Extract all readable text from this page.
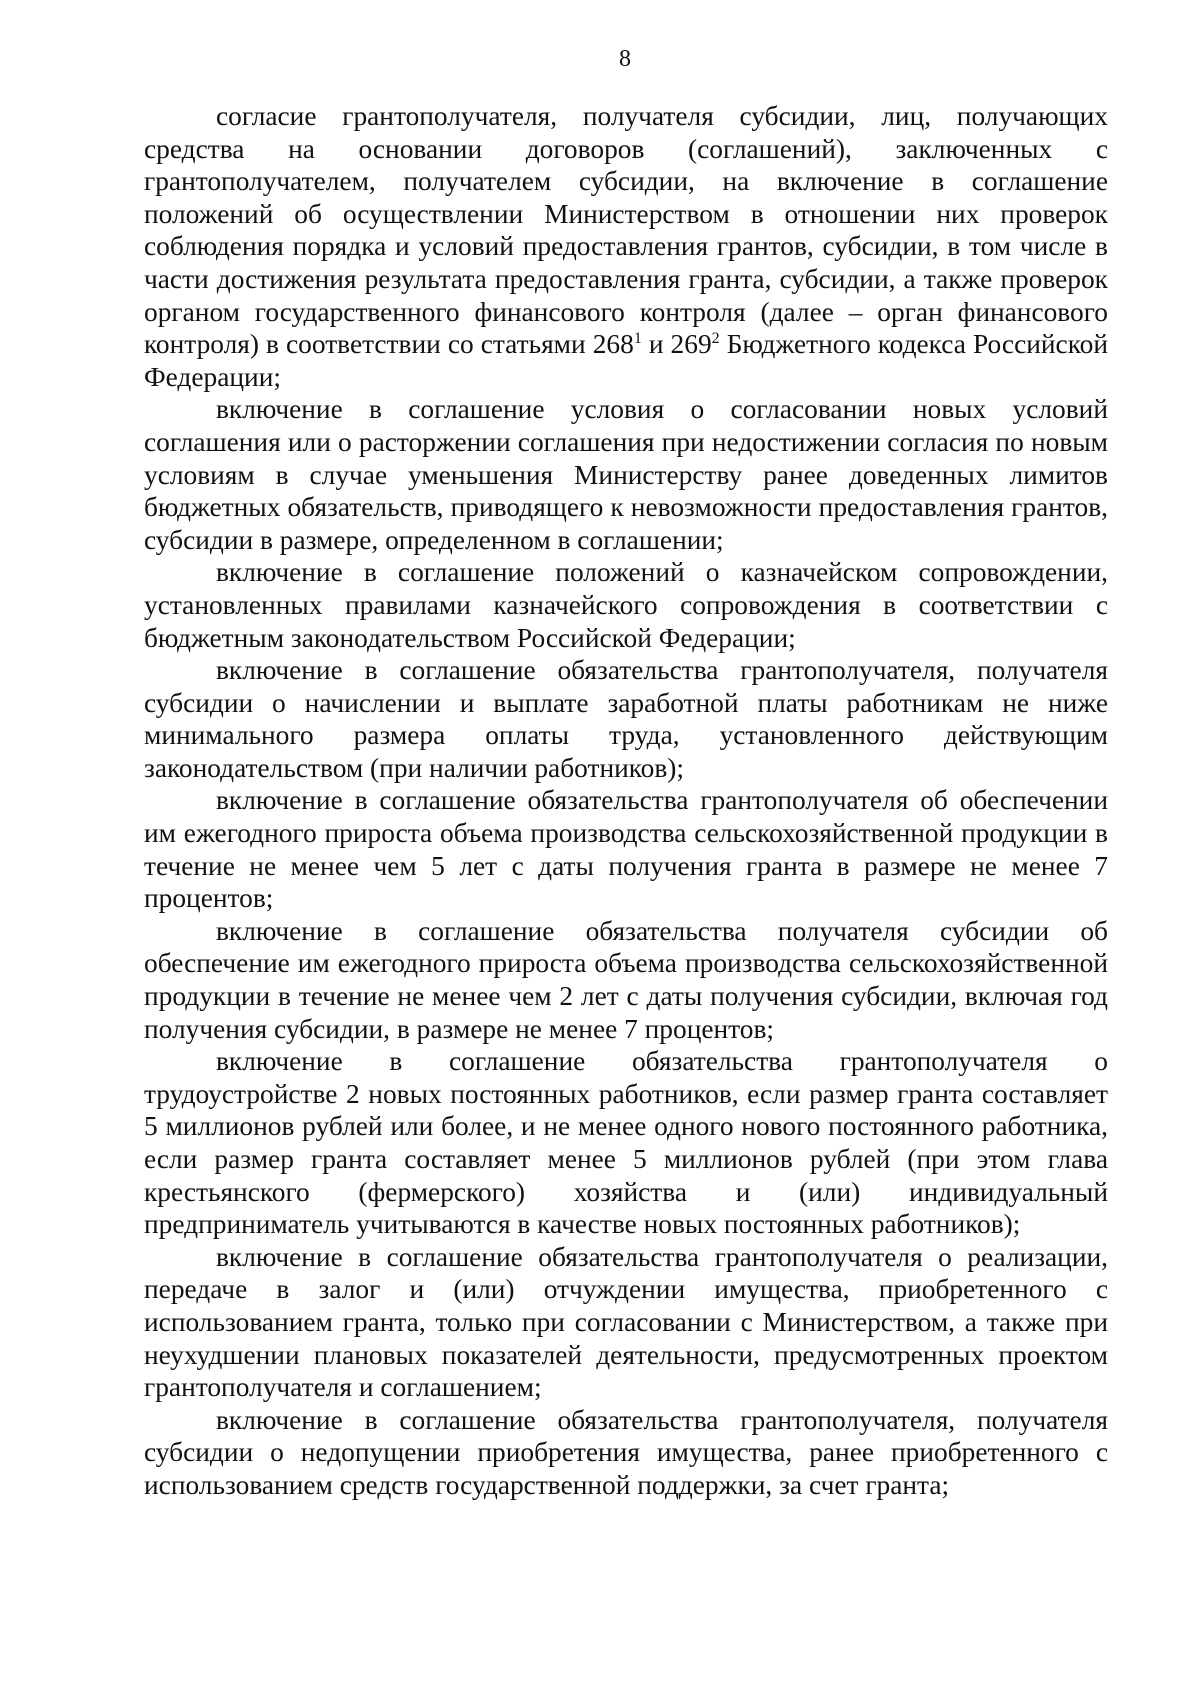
8

согласие грантополучателя, получателя субсидии, лиц, получающих средства на основании договоров (соглашений), заключенных с грантополучателем, получателем субсидии, на включение в соглашение положений об осуществлении Министерством в отношении них проверок соблюдения порядка и условий предоставления грантов, субсидии, в том числе в части достижения результата предоставления гранта, субсидии, а также проверок органом государственного финансового контроля (далее – орган финансового контроля) в соответствии со статьями $268^1$ и $269^2$ Бюджетного кодекса Российской Федерации;

включение в соглашение условия о согласовании новых условий соглашения или о расторжении соглашения при недостижении согласия по новым условиям в случае уменьшения Министерству ранее доведенных лимитов бюджетных обязательств, приводящего к невозможности предоставления грантов, субсидии в размере, определенном в соглашении;

включение в соглашение положений о казначейском сопровождении, установленных правилами казначейского сопровождения в соответствии с бюджетным законодательством Российской Федерации;

включение в соглашение обязательства грантополучателя, получателя субсидии о начислении и выплате заработной платы работникам не ниже минимального размера оплаты труда, установленного действующим законодательством (при наличии работников);

включение в соглашение обязательства грантополучателя об обеспечении им ежегодного прироста объема производства сельскохозяйственной продукции в течение не менее чем 5 лет с даты получения гранта в размере не менее 7 процентов;

включение в соглашение обязательства получателя субсидии об обеспечение им ежегодного прироста объема производства сельскохозяйственной продукции в течение не менее чем 2 лет с даты получения субсидии, включая год получения субсидии, в размере не менее 7 процентов;

включение в соглашение обязательства грантополучателя о трудоустройстве 2 новых постоянных работников, если размер гранта составляет 5 миллионов рублей или более, и не менее одного нового постоянного работника, если размер гранта составляет менее 5 миллионов рублей (при этом глава крестьянского (фермерского) хозяйства и (или) индивидуальный предприниматель учитываются в качестве новых постоянных работников);

включение в соглашение обязательства грантополучателя о реализации, передаче в залог и (или) отчуждении имущества, приобретенного с использованием гранта, только при согласовании с Министерством, а также при неухудшении плановых показателей деятельности, предусмотренных проектом грантополучателя и соглашением;

включение в соглашение обязательства грантополучателя, получателя субсидии о недопущении приобретения имущества, ранее приобретенного с использованием средств государственной поддержки, за счет гранта;
